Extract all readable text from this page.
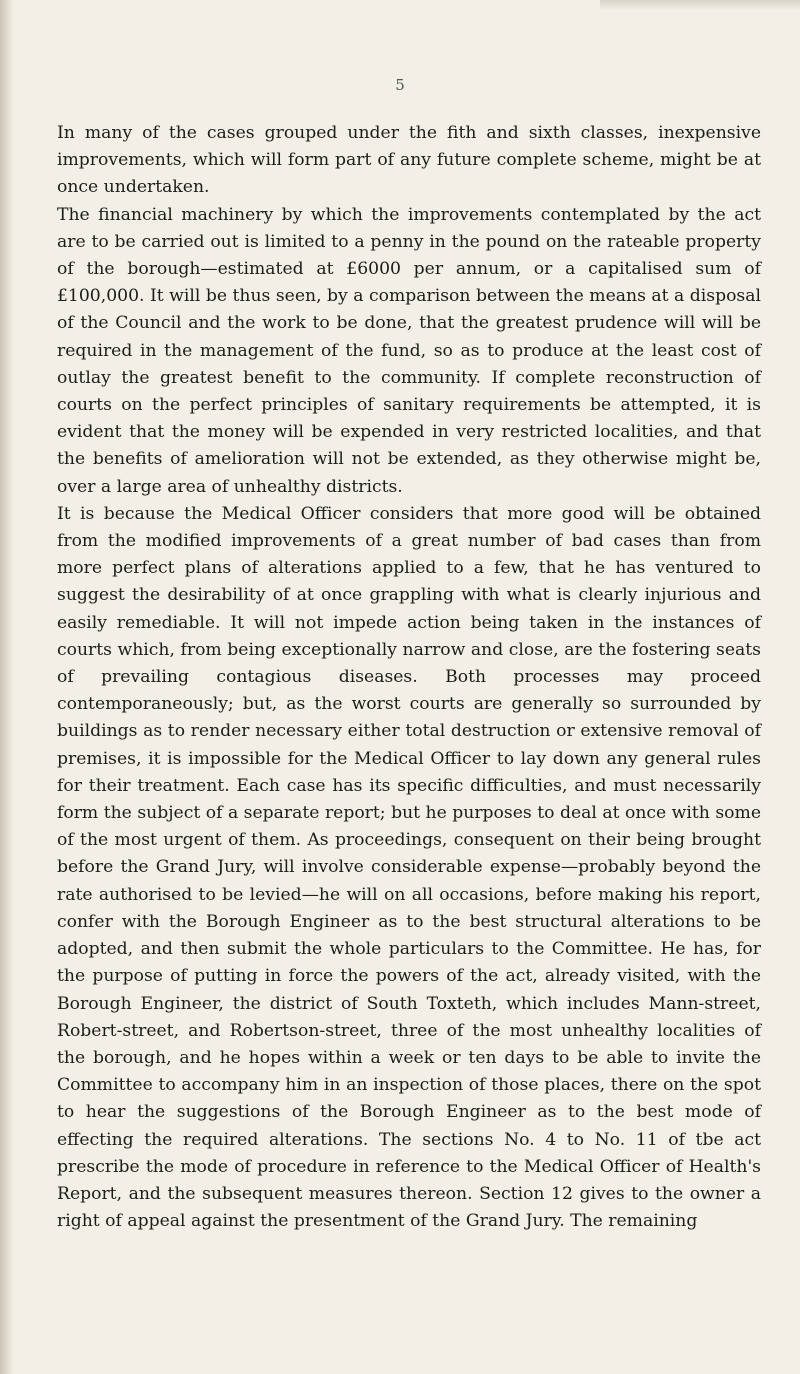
5

In many of the cases grouped under the fith and sixth classes, inexpensive improvements, which will form part of any future complete scheme, might be at once undertaken.

The financial machinery by which the improvements contemplated by the act are to be carried out is limited to a penny in the pound on the rateable property of the borough—estimated at £6000 per annum, or a capitalised sum of £100,000. It will be thus seen, by a comparison between the means at a disposal of the Council and the work to be done, that the greatest prudence will will be required in the management of the fund, so as to produce at the least cost of outlay the greatest benefit to the community. If complete reconstruction of courts on the perfect principles of sanitary requirements be attempted, it is evident that the money will be expended in very restricted localities, and that the benefits of amelioration will not be extended, as they otherwise might be, over a large area of unhealthy districts.

It is because the Medical Officer considers that more good will be obtained from the modified improvements of a great number of bad cases than from more perfect plans of alterations applied to a few, that he has ventured to suggest the desirability of at once grappling with what is clearly injurious and easily remediable. It will not impede action being taken in the instances of courts which, from being exceptionally narrow and close, are the fostering seats of prevailing contagious diseases. Both processes may proceed contemporaneously; but, as the worst courts are generally so surrounded by buildings as to render necessary either total destruction or extensive removal of premises, it is impossible for the Medical Officer to lay down any general rules for their treatment. Each case has its specific difficulties, and must necessarily form the subject of a separate report; but he purposes to deal at once with some of the most urgent of them. As proceedings, consequent on their being brought before the Grand Jury, will involve considerable expense—probably beyond the rate authorised to be levied—he will on all occasions, before making his report, confer with the Borough Engineer as to the best structural alterations to be adopted, and then submit the whole particulars to the Committee. He has, for the purpose of putting in force the powers of the act, already visited, with the Borough Engineer, the district of South Toxteth, which includes Mann-street, Robert-street, and Robertson-street, three of the most unhealthy localities of the borough, and he hopes within a week or ten days to be able to invite the Committee to accompany him in an inspection of those places, there on the spot to hear the suggestions of the Borough Engineer as to the best mode of effecting the required alterations. The sections No. 4 to No. 11 of tbe act prescribe the mode of procedure in reference to the Medical Officer of Health's Report, and the subsequent measures thereon. Section 12 gives to the owner a right of appeal against the presentment of the Grand Jury. The remaining
